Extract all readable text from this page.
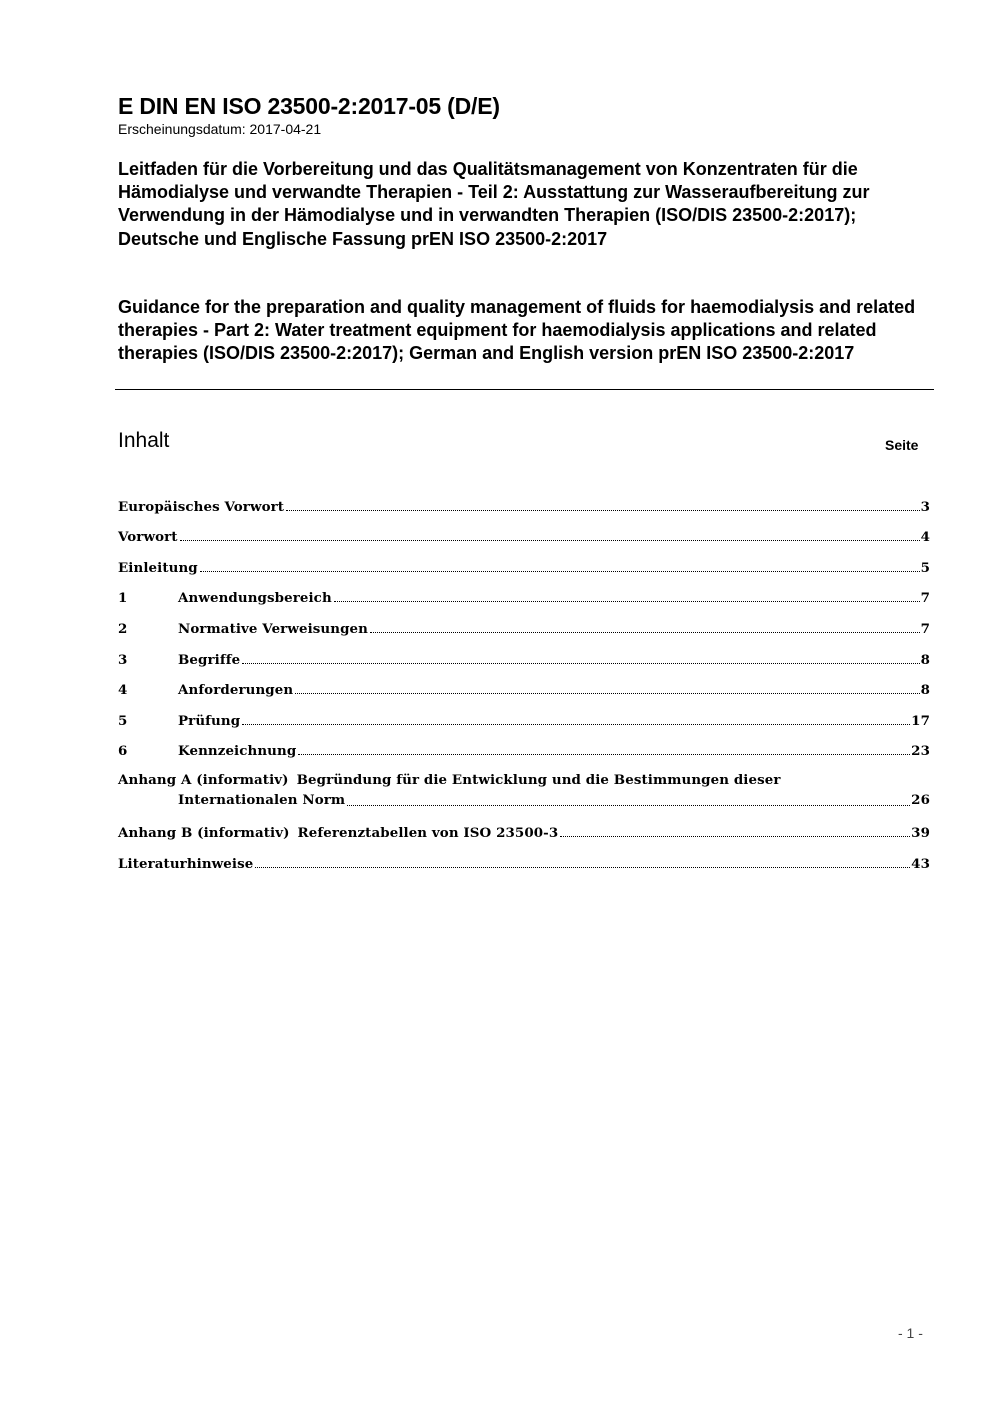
E DIN EN ISO 23500-2:2017-05 (D/E)
Erscheinungsdatum: 2017-04-21
Leitfaden für die Vorbereitung und das Qualitätsmanagement von Konzentraten für die Hämodialyse und verwandte Therapien - Teil 2: Ausstattung zur Wasseraufbereitung zur Verwendung in der Hämodialyse und in verwandten Therapien (ISO/DIS 23500-2:2017); Deutsche und Englische Fassung prEN ISO 23500-2:2017
Guidance for the preparation and quality management of fluids for haemodialysis and related therapies - Part 2: Water treatment equipment for haemodialysis applications and related therapies (ISO/DIS 23500-2:2017); German and English version prEN ISO 23500-2:2017
Inhalt	Seite
Europäisches Vorwort	3
Vorwort	4
Einleitung	5
1	Anwendungsbereich	7
2	Normative Verweisungen	7
3	Begriffe	8
4	Anforderungen	8
5	Prüfung	17
6	Kennzeichnung	23
Anhang A (informativ) Begründung für die Entwicklung und die Bestimmungen dieser
Internationalen Norm	26
Anhang B (informativ) Referenztabellen von ISO 23500-3	39
Literaturhinweise	43
- 1 -
